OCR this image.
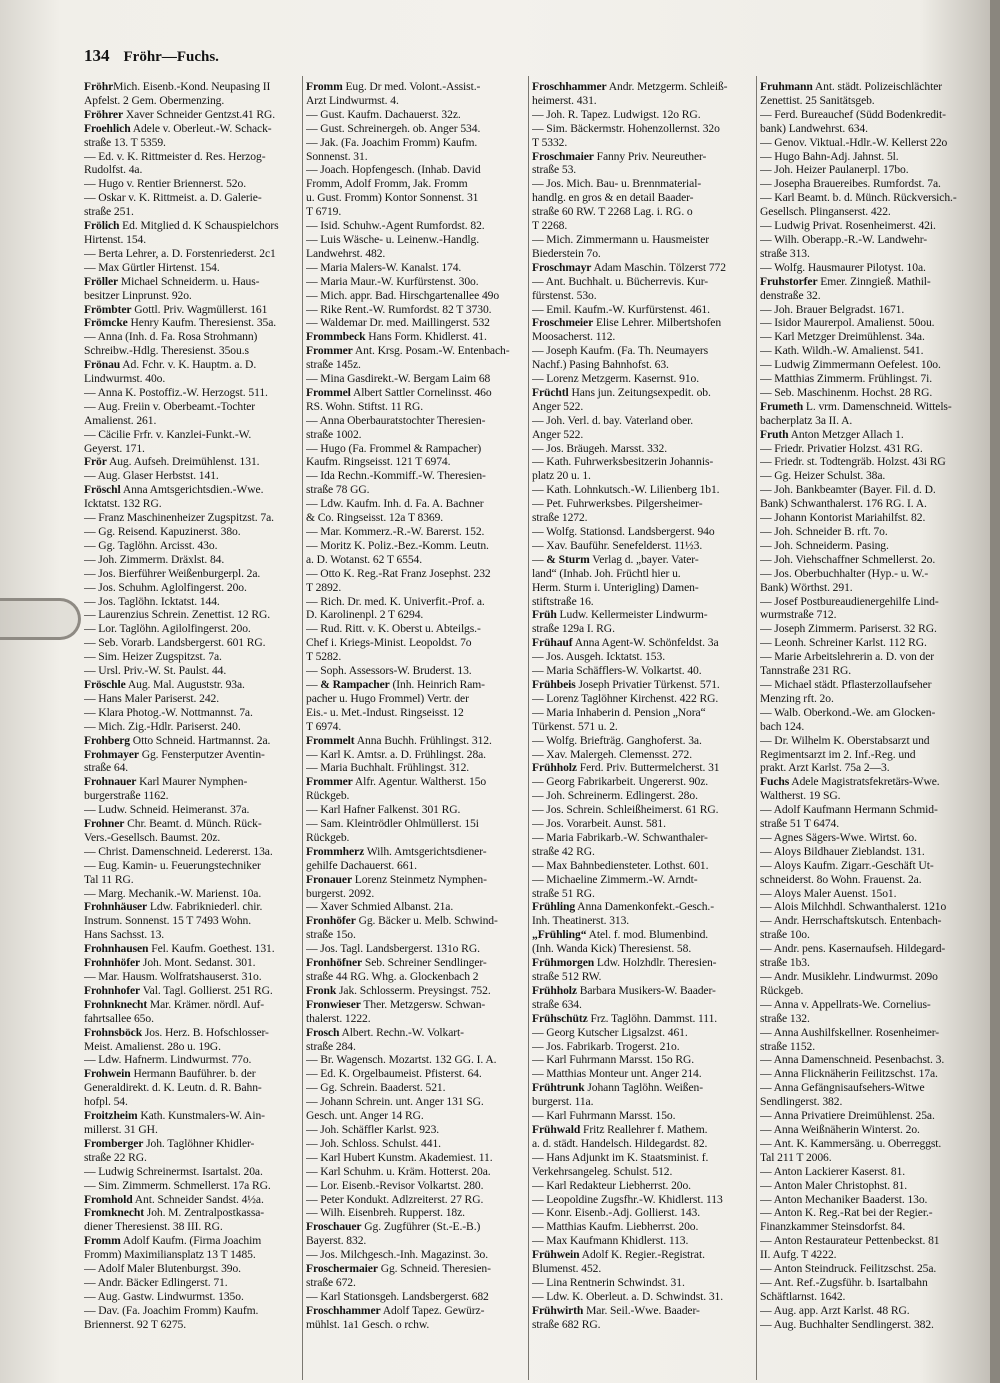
134 Fröhr—Fuchs.
FröhrMich. Eisenb.-Kond. Neupasing II
Apfelst. 2 Gem. Obermenzing.
Fröhrer Xaver Schneider Gentzst.41 RG.
Froehlich Adele v. Oberleut.-W. Schack-
straße 13. T 5359.
— Ed. v. K. Rittmeister d. Res. Herzog-
Rudolfst. 4a.
— Hugo v. Rentier Briennerst. 52o.
— Oskar v. K. Rittmeist. a. D. Galerie-
straße 251.
Frölich Ed. Mitglied d. K Schauspielchors
Hirtenst. 154.
— Berta Lehrer, a. D. Forstenriederst. 2c1
— Max Gürtler Hirtenst. 154.
Fröller Michael Schneiderm. u. Haus-
besitzer Linprunst. 92o.
Frömbter Gottl. Priv. Wagmüllerst. 161
Frömcke Henry Kaufm. Theresienst. 35a.
— Anna (Inh. d. Fa. Rosa Strohmann)
Schreibw.-Hdlg. Theresienst. 35ou.s
Frönau Ad. Fchr. v. K. Hauptm. a. D.
Lindwurmst. 40o.
— Anna K. Postoffiz.-W. Herzogst. 511.
— Aug. Freiin v. Oberbeamt.-Tochter
Amalienst. 261.
— Cäcilie Frfr. v. Kanzlei-Funkt.-W.
Geyerst. 171.
Frör Aug. Aufseh. Dreimühlenst. 131.
— Aug. Glaser Herbstst. 141.
Fröschl Anna Amtsgerichtsdien.-Wwe.
Icktatst. 132 RG.
— Franz Maschinenheizer Zugspitzst. 7a.
— Gg. Reisend. Kapuzinerst. 38o.
— Gg. Taglöhn. Arcisst. 43o.
— Joh. Zimmerm. Dräxlst. 84.
— Jos. Bierführer Weißenburgerpl. 2a.
— Jos. Schuhm. Aglolfingerst. 20o.
— Jos. Taglöhn. Icktatst. 144.
— Laurenzius Schrein. Zenettist. 12 RG.
— Lor. Taglöhn. Agilolfingerst. 20o.
— Seb. Vorarb. Landsbergerst. 601 RG.
— Sim. Heizer Zugspitzst. 7a.
— Ursl. Priv.-W. St. Paulst. 44.
Fröschle Aug. Mal. Auguststr. 93a.
— Hans Maler Pariserst. 242.
— Klara Photog.-W. Nottmannst. 7a.
— Mich. Zig.-Hdlr. Pariserst. 240.
Frohberg Otto Schneid. Hartmannst. 2a.
Frohmayer Gg. Fensterputzer Aventin-
straße 64.
Frohnauer Karl Maurer Nymphen-
burgerstraße 1162.
— Ludw. Schneid. Heimeranst. 37a.
Frohner Chr. Beamt. d. Münch. Rück-
Vers.-Gesellsch. Baumst. 20z.
— Christ. Damenschneid. Ledererst. 13a.
— Eug. Kamin- u. Feuerungstechniker
Tal 11 RG.
— Marg. Mechanik.-W. Marienst. 10a.
Frohnhäuser Ldw. Fabrikniederl. chir.
Instrum. Sonnenst. 15 T 7493 Wohn.
Hans Sachsst. 13.
Frohnhausen Fel. Kaufm. Goethest. 131.
Frohnhöfer Joh. Mont. Sedanst. 301.
— Mar. Hausm. Wolfratshauserst. 31o.
Frohnhofer Val. Tagl. Gollierst. 251 RG.
Frohnknecht Mar. Krämer. nördl. Auf-
fahrtsallee 65o.
Frohnsböck Jos. Herz. B. Hofschlosser-
Meist. Amalienst. 28o u. 19G.
— Ldw. Hafnerm. Lindwurmst. 77o.
Frohwein Hermann Bauführer. b. der
Generaldirekt. d. K. Leutn. d. R. Bahn-
hofpl. 54.
Froitzheim Kath. Kunstmalers-W. Ain-
millerst. 31 GH.
Fromberger Joh. Taglöhner Khidler-
straße 22 RG.
— Ludwig Schreinermst. Isartalst. 20a.
— Sim. Zimmerm. Schmellerst. 17a RG.
Fromhold Ant. Schneider Sandst. 4½a.
Fromknecht Joh. M. Zentralpostkassa-
diener Theresienst. 38 III. RG.
Fromm Adolf Kaufm. (Firma Joachim
Fromm) Maximiliansplatz 13 T 1485.
— Adolf Maler Blutenburgst. 39o.
— Andr. Bäcker Edlingerst. 71.
— Aug. Gastw. Lindwurmst. 135o.
— Dav. (Fa. Joachim Fromm) Kaufm.
Briennerst. 92 T 6275.
Fromm Eug. Dr med. Volont.-Assist.-
Arzt Lindwurmst. 4.
— Gust. Kaufm. Dachauerst. 32z.
— Gust. Schreinergeh. ob. Anger 534.
— Jak. (Fa. Joachim Fromm) Kaufm.
Sonnenst. 31.
— Joach. Hopfengesch. (Inhab. David
Fromm, Adolf Fromm, Jak. Fromm
u. Gust. Fromm) Kontor Sonnenst. 31
T 6719.
— Isid. Schuhw.-Agent Rumfordst. 82.
— Luis Wäsche- u. Leinenw.-Handlg.
Landwehrst. 482.
— Maria Malers-W. Kanalst. 174.
— Maria Maur.-W. Kurfürstenst. 30o.
— Mich. appr. Bad. Hirschgartenallee 49o
— Rike Rent.-W. Rumfordst. 82 T 3730.
— Waldemar Dr. med. Maillingerst. 532
Frommbeck Hans Form. Khidlerst. 41.
Frommer Ant. Krsg. Posam.-W. Entenbach-
straße 145z.
— Mina Gasdirekt.-W. Bergam Laim 68
Frommel Albert Sattler Cornelinsst. 46o
RS. Wohn. Stiftst. 11 RG.
— Anna Oberbauratstochter Theresien-
straße 1002.
— Hugo (Fa. Frommel & Rampacher)
Kaufm. Ringseisst. 121 T 6974.
— Ida Rechn.-Kommiff.-W. Theresien-
straße 78 GG.
— Ldw. Kaufm. Inh. d. Fa. A. Bachner
& Co. Ringseisst. 12a T 8369.
— Mar. Kommerz.-R.-W. Barerst. 152.
— Moritz K. Poliz.-Bez.-Komm. Leutn.
a. D. Wotanst. 62 T 6554.
— Otto K. Reg.-Rat Franz Josephst. 232
T 2892.
— Rich. Dr. med. K. Univerfit.-Prof. a.
D. Karolinenpl. 2 T 6294.
— Rud. Ritt. v. K. Oberst u. Abteilgs.-
Chef i. Kriegs-Minist. Leopoldst. 7o
T 5282.
— Soph. Assessors-W. Bruderst. 13.
— & Rampacher (Inh. Heinrich Ram-
pacher u. Hugo Frommel) Vertr. der
Eis.- u. Met.-Indust. Ringseisst. 12
T 6974.
Frommelt Anna Buchh. Frühlingst. 312.
— Karl K. Amtsr. a. D. Frühlingst. 28a.
— Maria Buchhalt. Frühlingst. 312.
Frommer Alfr. Agentur. Waltherst. 15o
Rückgeb.
— Karl Hafner Falkenst. 301 RG.
— Sam. Kleintrödler Ohlmüllerst. 15i
Rückgeb.
Frommherz Wilh. Amtsgerichtsdiener-
gehilfe Dachauerst. 661.
Fronauer Lorenz Steinmetz Nymphen-
burgerst. 2092.
— Xaver Schmied Albanst. 21a.
Fronhöfer Gg. Bäcker u. Melb. Schwind-
straße 15o.
— Jos. Tagl. Landsbergerst. 131o RG.
Fronhöfner Seb. Schreiner Sendlinger-
straße 44 RG. Whg. a. Glockenbach 2
Fronk Jak. Schlosserm. Preysingst. 752.
Fronwieser Ther. Metzgersw. Schwan-
thalerst. 1222.
Frosch Albert. Rechn.-W. Volkart-
straße 284.
— Br. Wagensch. Mozartst. 132 GG. I. A.
— Ed. K. Orgelbaumeist. Pfisterst. 64.
— Gg. Schrein. Baaderst. 521.
— Johann Schrein. unt. Anger 131 SG.
Gesch. unt. Anger 14 RG.
— Joh. Schäffler Karlst. 923.
— Joh. Schloss. Schulst. 441.
— Karl Hubert Kunstm. Akademiest. 11.
— Karl Schuhm. u. Kräm. Hotterst. 20a.
— Lor. Eisenb.-Revisor Volkartst. 280.
— Peter Kondukt. Adlzreiterst. 27 RG.
— Wilh. Eisenbreh. Rupperst. 18z.
Froschauer Gg. Zugführer (St.-E.-B.)
Bayerst. 832.
— Jos. Milchgesch.-Inh. Magazinst. 3o.
Froschermaier Gg. Schneid. Theresien-
straße 672.
— Karl Stationsgeh. Landsbergerst. 682
Froschhammer Adolf Tapez. Gewürz-
mühlst. 1a1 Gesch. o rchw.
Froschhammer Andr. Metzgerm. Schleiß-
heimerst. 431.
— Joh. R. Tapez. Ludwigst. 12o RG.
— Sim. Bäckermstr. Hohenzollernst. 32o
T 5332.
Froschmaier Fanny Priv. Neureuther-
straße 53.
— Jos. Mich. Bau- u. Brennmaterial-
handlg. en gros & en detail Baader-
straße 60 RW. T 2268 Lag. i. RG. o
T 2268.
— Mich. Zimmermann u. Hausmeister
Biederstein 7o.
Froschmayr Adam Maschin. Tölzerst 772
— Ant. Buchhalt. u. Bücherrevis. Kur-
fürstenst. 53o.
— Emil. Kaufm.-W. Kurfürstenst. 461.
Froschmeier Elise Lehrer. Milbertshofen
Moosacherst. 112.
— Joseph Kaufm. (Fa. Th. Neumayers
Nachf.) Pasing Bahnhofst. 63.
— Lorenz Metzgerm. Kasernst. 91o.
Früchtl Hans jun. Zeitungsexpedit. ob.
Anger 522.
— Joh. Verl. d. bay. Vaterland ober.
Anger 522.
— Jos. Bräugeh. Marsst. 332.
— Kath. Fuhrwerksbesitzerin Johannis-
platz 20 u. 1.
— Kath. Lohnkutsch.-W. Lilienberg 1b1.
— Pet. Fuhrwerksbes. Pilgersheimer-
straße 1272.
— Wolfg. Stationsd. Landsbergerst. 94o
— Xav. Bauführ. Senefelderst. 11½3.
— & Sturm Verlag d. „bayer. Vater-
land“ (Inhab. Joh. Früchtl hier u.
Herm. Sturm i. Unterigling) Damen-
stiftstraße 16.
Früh Ludw. Kellermeister Lindwurm-
straße 129a I. RG.
Frühauf Anna Agent-W. Schönfeldst. 3a
— Jos. Ausgeh. Icktatst. 153.
— Maria Schäfflers-W. Volkartst. 40.
Frühbeis Joseph Privatier Türkenst. 571.
— Lorenz Taglöhner Kirchenst. 422 RG.
— Maria Inhaberin d. Pension „Nora“
Türkenst. 571 u. 2.
— Wolfg. Briefträg. Ganghoferst. 3a.
— Xav. Malergeh. Clemensst. 272.
Frühholz Ferd. Priv. Buttermelcherst. 31
— Georg Fabrikarbeit. Ungererst. 90z.
— Joh. Schreinerm. Edlingerst. 28o.
— Jos. Schrein. Schleißheimerst. 61 RG.
— Jos. Vorarbeit. Aunst. 581.
— Maria Fabrikarb.-W. Schwanthaler-
straße 42 RG.
— Max Bahnbediensteter. Lothst. 601.
— Michaeline Zimmerm.-W. Arndt-
straße 51 RG.
Frühling Anna Damenkonfekt.-Gesch.-
Inh. Theatinerst. 313.
„Frühling“ Atel. f. mod. Blumenbind.
(Inh. Wanda Kick) Theresienst. 58.
Frühmorgen Ldw. Holzhdlr. Theresien-
straße 512 RW.
Frühholz Barbara Musikers-W. Baader-
straße 634.
Frühschütz Frz. Taglöhn. Dammst. 111.
— Georg Kutscher Ligsalzst. 461.
— Jos. Fabrikarb. Trogerst. 21o.
— Karl Fuhrmann Marsst. 15o RG.
— Matthias Monteur unt. Anger 214.
Frühtrunk Johann Taglöhn. Weißen-
burgerst. 11a.
— Karl Fuhrmann Marsst. 15o.
Frühwald Fritz Reallehrer f. Mathem.
a. d. städt. Handelsch. Hildegardst. 82.
— Hans Adjunkt im K. Staatsminist. f.
Verkehrsangeleg. Schulst. 512.
— Karl Redakteur Liebherrst. 20o.
— Leopoldine Zugsfhr.-W. Khidlerst. 113
— Konr. Eisenb.-Adj. Gollierst. 143.
— Matthias Kaufm. Liebherrst. 20o.
— Max Kaufmann Khidlerst. 113.
Frühwein Adolf K. Regier.-Registrat.
Blumenst. 452.
— Lina Rentnerin Schwindst. 31.
— Ldw. K. Oberleut. a. D. Schwindst. 31.
Frühwirth Mar. Seil.-Wwe. Baader-
straße 682 RG.
Fruhmann Ant. städt. Polizeischlächter
Zenettist. 25 Sanitätsgeb.
— Ferd. Bureauchef (Südd Bodenkredit-
bank) Landwehrst. 634.
— Genov. Viktual.-Hdlr.-W. Kellerst 22o
— Hugo Bahn-Adj. Jahnst. 5l.
— Joh. Heizer Paulanerpl. 17bo.
— Josepha Brauereibes. Rumfordst. 7a.
— Karl Beamt. b. d. Münch. Rückversich.-
Gesellsch. Plinganserst. 422.
— Ludwig Privat. Rosenheimerst. 42i.
— Wilh. Oberapp.-R.-W. Landwehr-
straße 313.
— Wolfg. Hausmaurer Pilotyst. 10a.
Fruhstorfer Emer. Zinngieß. Mathil-
denstraße 32.
— Joh. Brauer Belgradst. 1671.
— Isidor Maurerpol. Amalienst. 50ou.
— Karl Metzger Dreimühlenst. 34a.
— Kath. Wildh.-W. Amalienst. 541.
— Ludwig Zimmermann Oefelest. 10o.
— Matthias Zimmerm. Frühlingst. 7i.
— Seb. Maschinenm. Hochst. 28 RG.
Frumeth L. vrm. Damenschneid. Wittels-
bacherplatz 3a II. A.
Fruth Anton Metzger Allach 1.
— Friedr. Privatier Holzst. 431 RG.
— Friedr. st. Todtengräb. Holzst. 43i RG
— Gg. Heizer Schulst. 38a.
— Joh. Bankbeamter (Bayer. Fil. d. D.
Bank) Schwanthalerst. 176 RG. I. A.
— Johann Kontorist Mariahilfst. 82.
— Joh. Schneider B. rft. 7o.
— Joh. Schneiderm. Pasing.
— Joh. Viehschaffner Schmellerst. 2o.
— Jos. Oberbuchhalter (Hyp.- u. W.-
Bank) Wörthst. 291.
— Josef Postbureaudienergehilfe Lind-
wurmstraße 712.
— Joseph Zimmerm. Pariserst. 32 RG.
— Leonh. Schreiner Karlst. 112 RG.
— Marie Arbeitslehrerin a. D. von der
Tannstraße 231 RG.
— Michael städt. Pflasterzollaufseher
Menzing rft. 2o.
— Walb. Oberkond.-We. am Glocken-
bach 124.
— Dr. Wilhelm K. Oberstabsarzt und
Regimentsarzt im 2. Inf.-Reg. und
prakt. Arzt Karlst. 75a 2—3.
Fuchs Adele Magistratsfekretärs-Wwe.
Waltherst. 19 SG.
— Adolf Kaufmann Hermann Schmid-
straße 51 T 6474.
— Agnes Sägers-Wwe. Wirtst. 6o.
— Aloys Bildhauer Zieblandst. 131.
— Aloys Kaufm. Zigarr.-Geschäft Ut-
schneiderst. 8o Wohn. Frauenst. 2a.
— Aloys Maler Auenst. 15o1.
— Alois Milchhdl. Schwanthalerst. 121o
— Andr. Herrschaftskutsch. Entenbach-
straße 10o.
— Andr. pens. Kasernaufseh. Hildegard-
straße 1b3.
— Andr. Musiklehr. Lindwurmst. 209o
Rückgeb.
— Anna v. Appellrats-We. Cornelius-
straße 132.
— Anna Aushilfskellner. Rosenheimer-
straße 1152.
— Anna Damenschneid. Pesenbachst. 3.
— Anna Flicknäherin Feilitzschst. 17a.
— Anna Gefängnisaufsehers-Witwe
Sendlingerst. 382.
— Anna Privatiere Dreimühlenst. 25a.
— Anna Weißnäherin Winterst. 2o.
— Ant. K. Kammersäng. u. Oberreggst.
Tal 211 T 2006.
— Anton Lackierer Kaserst. 81.
— Anton Maler Christophst. 81.
— Anton Mechaniker Baaderst. 13o.
— Anton K. Reg.-Rat bei der Regier.-
Finanzkammer Steinsdorfst. 84.
— Anton Restaurateur Pettenbeckst. 81
II. Aufg. T 4222.
— Anton Steindruck. Feilitzschst. 25a.
— Ant. Ref.-Zugsführ. b. Isartalbahn
Schäftlarnst. 1642.
— Aug. app. Arzt Karlst. 48 RG.
— Aug. Buchhalter Sendlingerst. 382.
